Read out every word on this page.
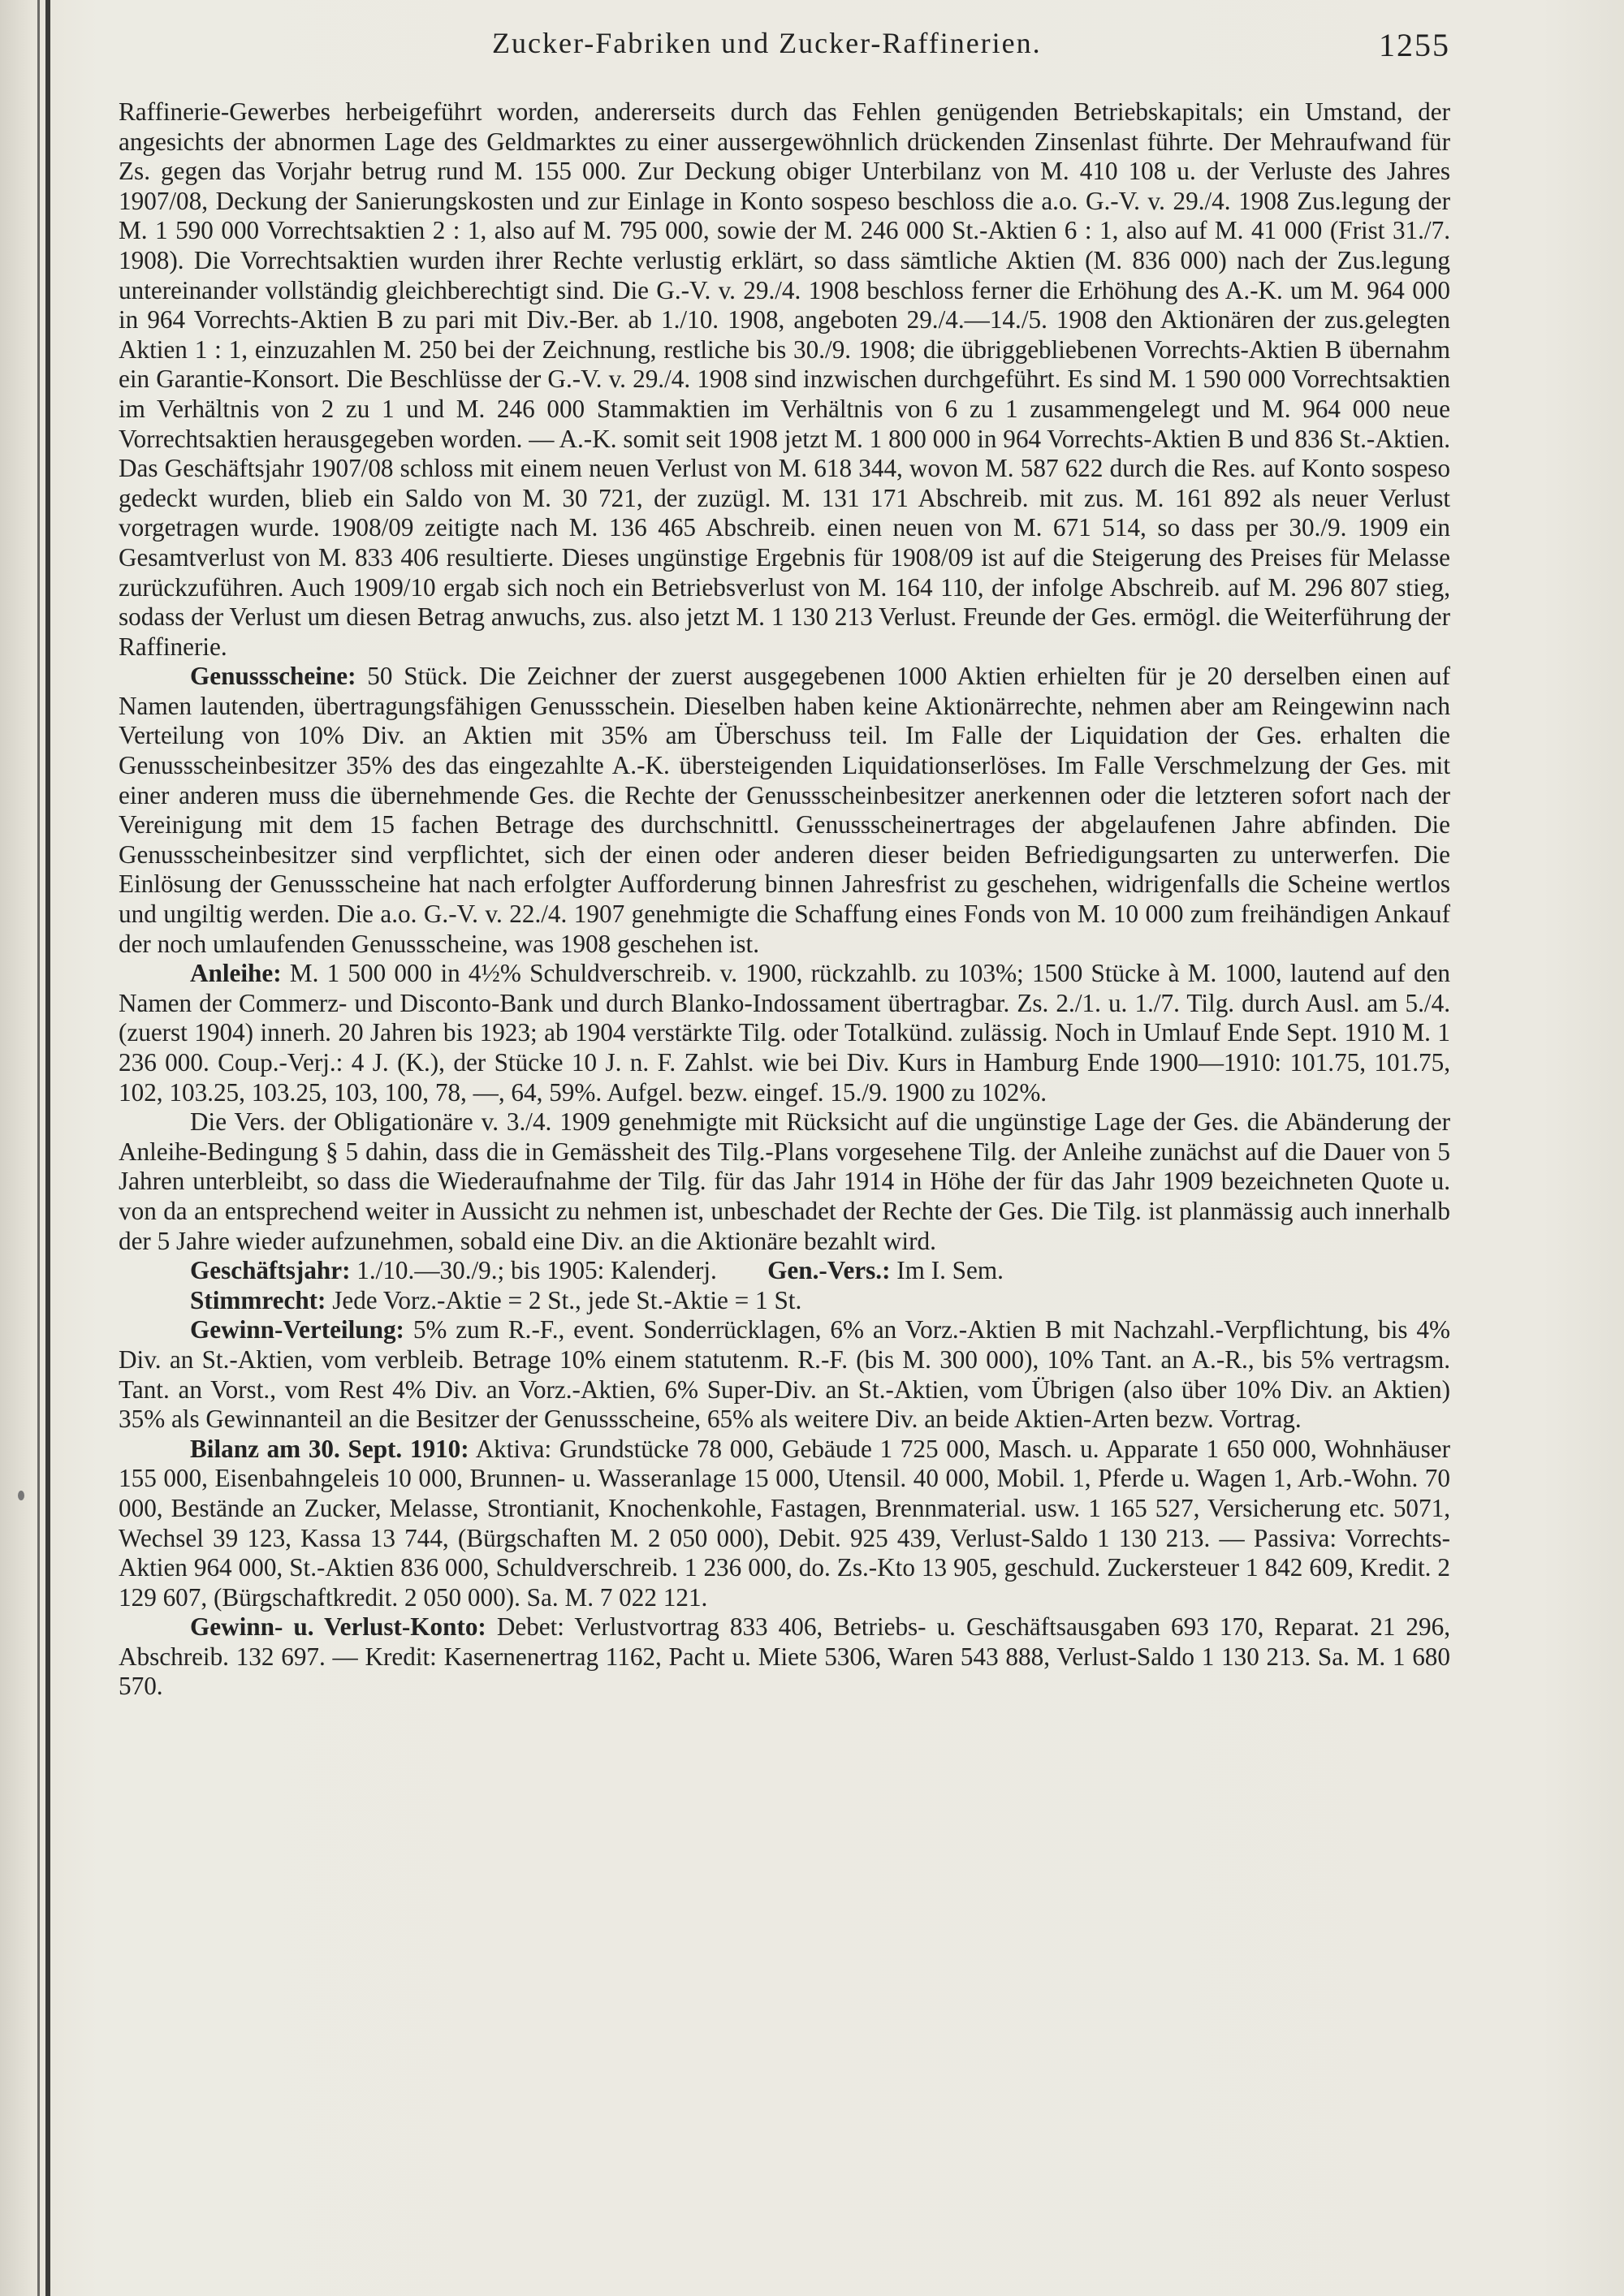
Zucker-Fabriken und Zucker-Raffinerien.	1255

Raffinerie-Gewerbes herbeigeführt worden, andererseits durch das Fehlen genügenden Betriebskapitals; ein Umstand, der angesichts der abnormen Lage des Geldmarktes zu einer aussergewöhnlich drückenden Zinsenlast führte. Der Mehraufwand für Zs. gegen das Vorjahr betrug rund M. 155 000. Zur Deckung obiger Unterbilanz von M. 410 108 u. der Verluste des Jahres 1907/08, Deckung der Sanierungskosten und zur Einlage in Konto sospeso beschloss die a.o. G.-V. v. 29./4. 1908 Zus.legung der M. 1 590 000 Vorrechtsaktien 2 : 1, also auf M. 795 000, sowie der M. 246 000 St.-Aktien 6 : 1, also auf M. 41 000 (Frist 31./7. 1908). Die Vorrechtsaktien wurden ihrer Rechte verlustig erklärt, so dass sämtliche Aktien (M. 836 000) nach der Zus.legung untereinander vollständig gleichberechtigt sind. Die G.-V. v. 29./4. 1908 beschloss ferner die Erhöhung des A.-K. um M. 964 000 in 964 Vorrechts-Aktien B zu pari mit Div.-Ber. ab 1./10. 1908, angeboten 29./4.—14./5. 1908 den Aktionären der zus.gelegten Aktien 1 : 1, einzuzahlen M. 250 bei der Zeichnung, restliche bis 30./9. 1908; die übriggebliebenen Vorrechts-Aktien B übernahm ein Garantie-Konsort. Die Beschlüsse der G.-V. v. 29./4. 1908 sind inzwischen durchgeführt. Es sind M. 1 590 000 Vorrechtsaktien im Verhältnis von 2 zu 1 und M. 246 000 Stammaktien im Verhältnis von 6 zu 1 zusammengelegt und M. 964 000 neue Vorrechtsaktien herausgegeben worden. — A.-K. somit seit 1908 jetzt M. 1 800 000 in 964 Vorrechts-Aktien B und 836 St.-Aktien. Das Geschäftsjahr 1907/08 schloss mit einem neuen Verlust von M. 618 344, wovon M. 587 622 durch die Res. auf Konto sospeso gedeckt wurden, blieb ein Saldo von M. 30 721, der zuzügl. M. 131 171 Abschreib. mit zus. M. 161 892 als neuer Verlust vorgetragen wurde. 1908/09 zeitigte nach M. 136 465 Abschreib. einen neuen von M. 671 514, so dass per 30./9. 1909 ein Gesamtverlust von M. 833 406 resultierte. Dieses ungünstige Ergebnis für 1908/09 ist auf die Steigerung des Preises für Melasse zurückzuführen. Auch 1909/10 ergab sich noch ein Betriebsverlust von M. 164 110, der infolge Abschreib. auf M. 296 807 stieg, sodass der Verlust um diesen Betrag anwuchs, zus. also jetzt M. 1 130 213 Verlust. Freunde der Ges. ermögl. die Weiterführung der Raffinerie.

Genussscheine: 50 Stück. Die Zeichner der zuerst ausgegebenen 1000 Aktien erhielten für je 20 derselben einen auf Namen lautenden, übertragungsfähigen Genussschein. Dieselben haben keine Aktionärrechte, nehmen aber am Reingewinn nach Verteilung von 10% Div. an Aktien mit 35% am Überschuss teil. Im Falle der Liquidation der Ges. erhalten die Genussscheinbesitzer 35% des das eingezahlte A.-K. übersteigenden Liquidationserlöses. Im Falle Verschmelzung der Ges. mit einer anderen muss die übernehmende Ges. die Rechte der Genussscheinbesitzer anerkennen oder die letzteren sofort nach der Vereinigung mit dem 15 fachen Betrage des durchschnittl. Genussscheinertrages der abgelaufenen Jahre abfinden. Die Genussscheinbesitzer sind verpflichtet, sich der einen oder anderen dieser beiden Befriedigungsarten zu unterwerfen. Die Einlösung der Genussscheine hat nach erfolgter Aufforderung binnen Jahresfrist zu geschehen, widrigenfalls die Scheine wertlos und ungiltig werden. Die a.o. G.-V. v. 22./4. 1907 genehmigte die Schaffung eines Fonds von M. 10 000 zum freihändigen Ankauf der noch umlaufenden Genussscheine, was 1908 geschehen ist.

Anleihe: M. 1 500 000 in 4½% Schuldverschreib. v. 1900, rückzahlb. zu 103%; 1500 Stücke à M. 1000, lautend auf den Namen der Commerz- und Disconto-Bank und durch Blanko-Indossament übertragbar. Zs. 2./1. u. 1./7. Tilg. durch Ausl. am 5./4. (zuerst 1904) innerh. 20 Jahren bis 1923; ab 1904 verstärkte Tilg. oder Totalkünd. zulässig. Noch in Umlauf Ende Sept. 1910 M. 1 236 000. Coup.-Verj.: 4 J. (K.), der Stücke 10 J. n. F. Zahlst. wie bei Div. Kurs in Hamburg Ende 1900—1910: 101.75, 101.75, 102, 103.25, 103.25, 103, 100, 78, —, 64, 59%. Aufgel. bezw. eingef. 15./9. 1900 zu 102%.

Die Vers. der Obligationäre v. 3./4. 1909 genehmigte mit Rücksicht auf die ungünstige Lage der Ges. die Abänderung der Anleihe-Bedingung § 5 dahin, dass die in Gemässheit des Tilg.-Plans vorgesehene Tilg. der Anleihe zunächst auf die Dauer von 5 Jahren unterbleibt, so dass die Wiederaufnahme der Tilg. für das Jahr 1914 in Höhe der für das Jahr 1909 bezeichneten Quote u. von da an entsprechend weiter in Aussicht zu nehmen ist, unbeschadet der Rechte der Ges. Die Tilg. ist planmässig auch innerhalb der 5 Jahre wieder aufzunehmen, sobald eine Div. an die Aktionäre bezahlt wird.

Geschäftsjahr: 1./10.—30./9.; bis 1905: Kalenderj. Gen.-Vers.: Im I. Sem.

Stimmrecht: Jede Vorz.-Aktie = 2 St., jede St.-Aktie = 1 St.

Gewinn-Verteilung: 5% zum R.-F., event. Sonderrücklagen, 6% an Vorz.-Aktien B mit Nachzahl.-Verpflichtung, bis 4% Div. an St.-Aktien, vom verbleib. Betrage 10% einem statutenm. R.-F. (bis M. 300 000), 10% Tant. an A.-R., bis 5% vertragsm. Tant. an Vorst., vom Rest 4% Div. an Vorz.-Aktien, 6% Super-Div. an St.-Aktien, vom Übrigen (also über 10% Div. an Aktien) 35% als Gewinnanteil an die Besitzer der Genussscheine, 65% als weitere Div. an beide Aktien-Arten bezw. Vortrag.

Bilanz am 30. Sept. 1910: Aktiva: Grundstücke 78 000, Gebäude 1 725 000, Masch. u. Apparate 1 650 000, Wohnhäuser 155 000, Eisenbahngeleis 10 000, Brunnen- u. Wasseranlage 15 000, Utensil. 40 000, Mobil. 1, Pferde u. Wagen 1, Arb.-Wohn. 70 000, Bestände an Zucker, Melasse, Strontianit, Knochenkohle, Fastagen, Brennmaterial. usw. 1 165 527, Versicherung etc. 5071, Wechsel 39 123, Kassa 13 744, (Bürgschaften M. 2 050 000), Debit. 925 439, Verlust-Saldo 1 130 213. — Passiva: Vorrechts-Aktien 964 000, St.-Aktien 836 000, Schuldverschreib. 1 236 000, do. Zs.-Kto 13 905, geschuld. Zuckersteuer 1 842 609, Kredit. 2 129 607, (Bürgschaftkredit. 2 050 000). Sa. M. 7 022 121.

Gewinn- u. Verlust-Konto: Debet: Verlustvortrag 833 406, Betriebs- u. Geschäftsausgaben 693 170, Reparat. 21 296, Abschreib. 132 697. — Kredit: Kasernenertrag 1162, Pacht u. Miete 5306, Waren 543 888, Verlust-Saldo 1 130 213. Sa. M. 1 680 570.
